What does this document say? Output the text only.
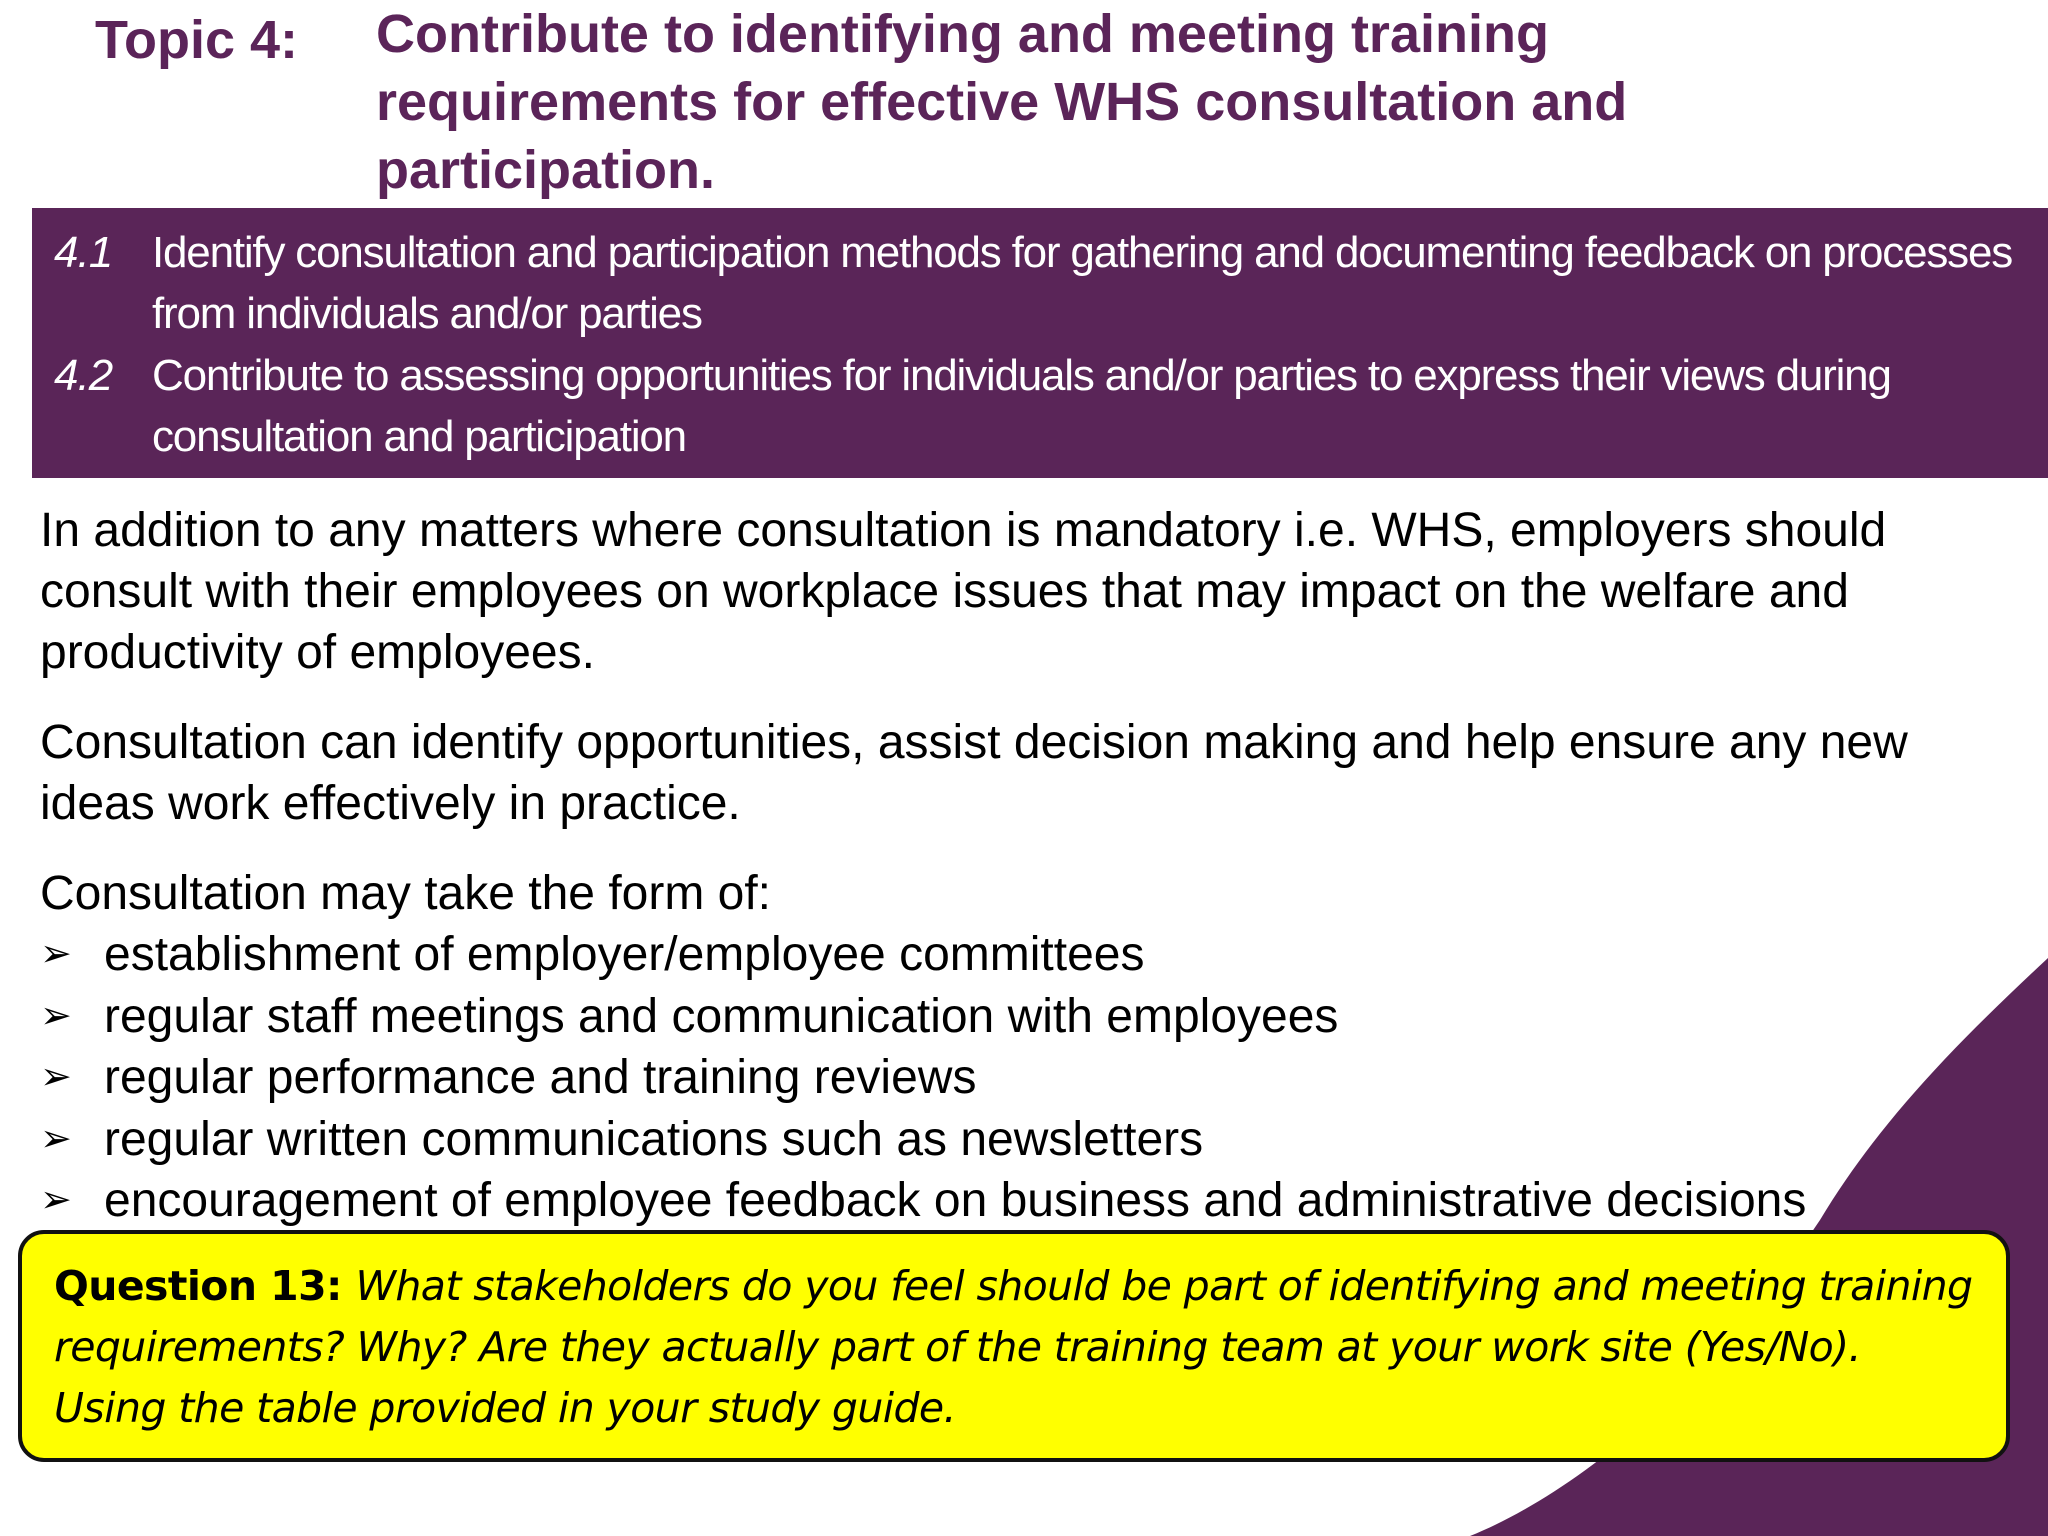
Topic 4: Contribute to identifying and meeting training requirements for effective WHS consultation and participation.
4.1 Identify consultation and participation methods for gathering and documenting feedback on processes from individuals and/or parties
4.2 Contribute to assessing opportunities for individuals and/or parties to express their views during consultation and participation

In addition to any matters where consultation is mandatory i.e. WHS, employers should consult with their employees on workplace issues that may impact on the welfare and productivity of employees.

Consultation can identify opportunities, assist decision making and help ensure any new ideas work effectively in practice.

Consultation may take the form of:

➢ establishment of employer/employee committees
➢ regular staff meetings and communication with employees
➢ regular performance and training reviews
➢ regular written communications such as newsletters
➢ encouragement of employee feedback on business and administrative decisions
Question 13: What stakeholders do you feel should be part of identifying and meeting training requirements? Why? Are they actually part of the training team at your work site (Yes/No). Using the table provided in your study guide.
